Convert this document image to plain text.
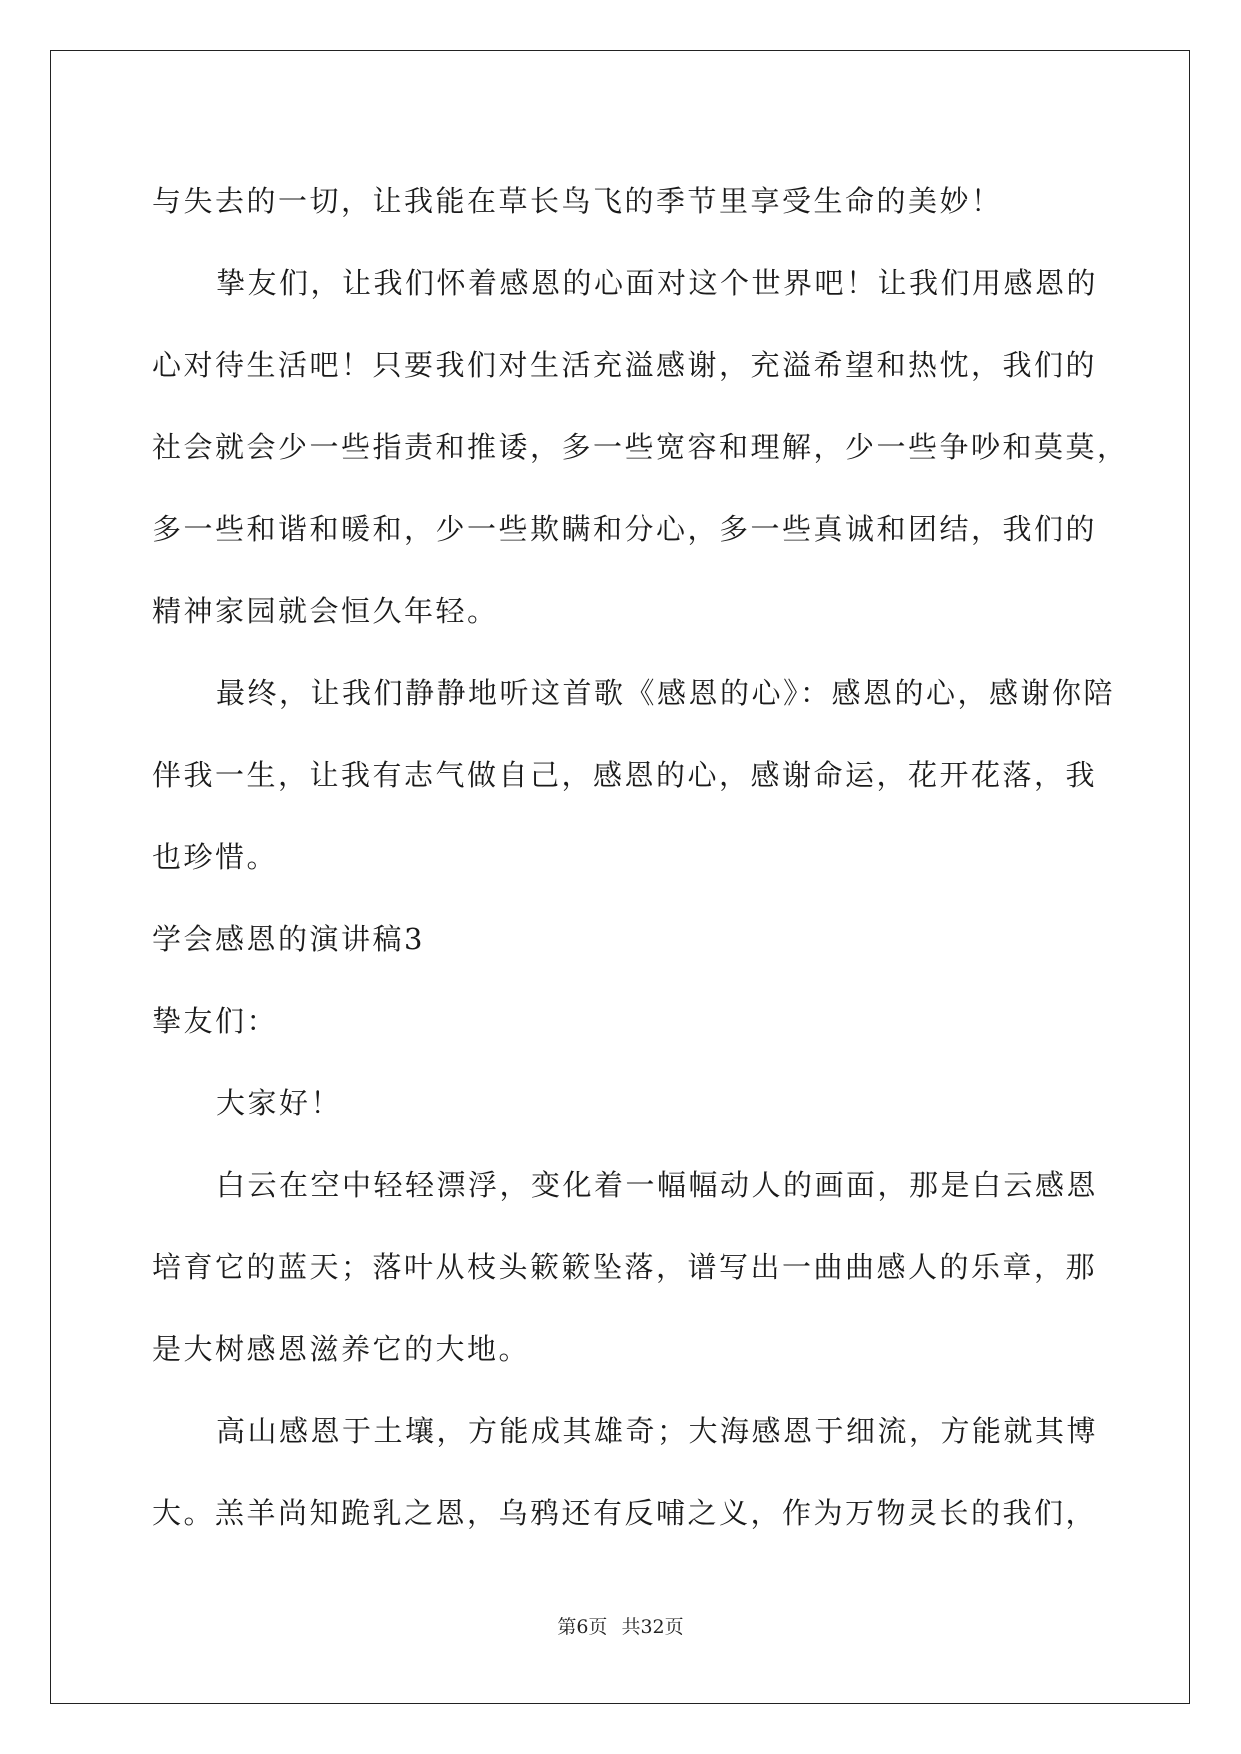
与失去的一切，让我能在草长鸟飞的季节里享受生命的美妙！

挚友们，让我们怀着感恩的心面对这个世界吧！让我们用感恩的

心对待生活吧！只要我们对生活充溢感谢，充溢希望和热忱，我们的

社会就会少一些指责和推诿，多一些宽容和理解，少一些争吵和莫莫，

多一些和谐和暖和，少一些欺瞒和分心，多一些真诚和团结，我们的

精神家园就会恒久年轻。

最终，让我们静静地听这首歌《感恩的心》：感恩的心，感谢你陪

伴我一生，让我有志气做自己，感恩的心，感谢命运，花开花落，我

也珍惜。

学会感恩的演讲稿3

挚友们：

大家好！

白云在空中轻轻漂浮，变化着一幅幅动人的画面，那是白云感恩

培育它的蓝天；落叶从枝头簌簌坠落，谱写出一曲曲感人的乐章，那

是大树感恩滋养它的大地。

高山感恩于土壤，方能成其雄奇；大海感恩于细流，方能就其博

大。羔羊尚知跪乳之恩，乌鸦还有反哺之义，作为万物灵长的我们，

第6页 共32页
